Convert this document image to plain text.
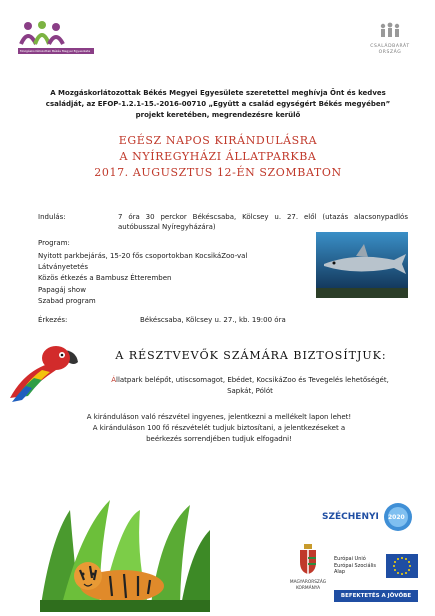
Mozgáskorlátozottak Békés Megyei Egyesülete
CSALÁDBARÁT ORSZÁG
A Mozgáskorlátozottak Békés Megyei Egyesülete szeretettel meghívja Önt és kedves
családját, az EFOP-1.2.1-15.-2016-00710 „Együtt a család egységért Békés megyében”
projekt keretében, megrendezésre kerülő
EGÉSZ NAPOS KIRÁNDULÁSRA
A NYÍREGYHÁZI ÁLLATPARKBA
2017. AUGUSZTUS 12-ÉN SZOMBATON
Indulás:	7 óra 30 perckor Békéscsaba, Kölcsey u. 27. elől (utazás alacsonypadlós autóbusszal Nyíregyházára)
Program:
Nyitott parkbejárás, 15-20 fős csoportokban KocsikáZoo-val
Látványetetés
Közös étkezés a Bambusz Étteremben
Papagáj show
Szabad program
Érkezés:	Békéscsaba, Kölcsey u. 27., kb. 19:00 óra
A RÉSZTVEVŐK SZÁMÁRA BIZTOSÍTJUK:
Állatpark belépőt, utiscsomagot, Ebédet, KocsikáZoo és Tevegelés lehetőségét,
Sapkát, Pólót
A kiránduláson való részvétel ingyenes, jelentkezni a mellékelt lapon lehet!
A kiránduláson 100 fő részvételét tudjuk biztosítani, a jelentkezéseket a
beérkezés sorrendjében tudjuk elfogadni!
SZÉCHENYI 2020
MAGYARORSZÁG
KORMÁNYA
Európai Unió
Európai Szociális
Alap
BEFEKTETÉS A JÖVŐBE
